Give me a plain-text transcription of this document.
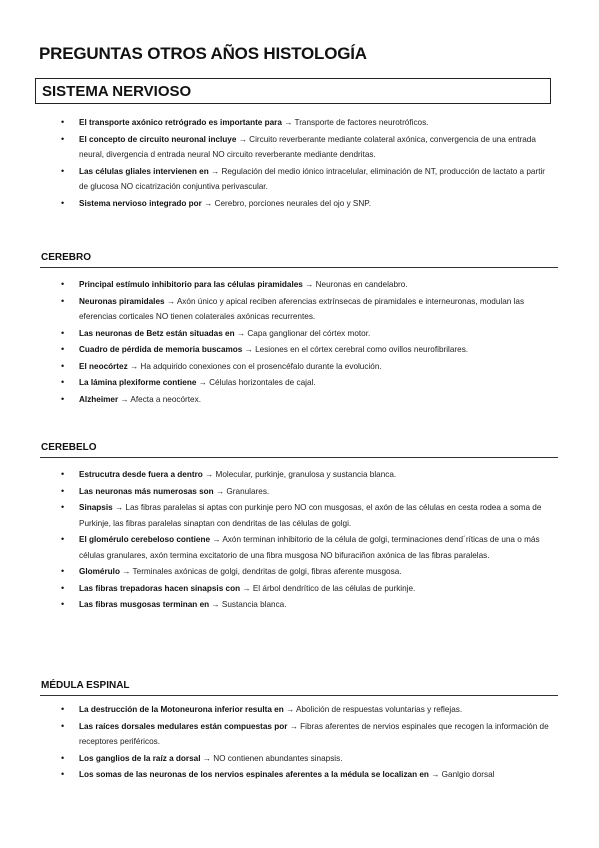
PREGUNTAS OTROS AÑOS HISTOLOGÍA
SISTEMA NERVIOSO
• El transporte axónico retrógrado es importante para → Transporte de factores neurotróficos.
• El concepto de circuito neuronal incluye → Circuito reverberante mediante colateral axónica, convergencia de una entrada neural, divergencia d entrada neural NO circuito reverberante mediante dendritas.
• Las células gliales intervienen en → Regulación del medio iónico intracelular, eliminación de NT, producción de lactato a partir de glucosa NO cicatrización conjuntiva perivascular.
• Sistema nervioso integrado por → Cerebro, porciones neurales del ojo y SNP.
CEREBRO
• Principal estímulo inhibitorio para las células piramidales → Neuronas en candelabro.
• Neuronas piramidales → Axón único y apical reciben aferencias extrínsecas de piramidales e interneuronas, modulan las eferencias corticales NO tienen colaterales axónicas recurrentes.
• Las neuronas de Betz están situadas en → Capa ganglionar del córtex motor.
• Cuadro de pérdida de memoria buscamos → Lesiones en el córtex cerebral como ovillos neurofibrilares.
• El neocórtez → Ha adquirido conexiones con el prosencéfalo durante la evolución.
• La lámina plexiforme contiene → Células horizontales de cajal.
• Alzheimer → Afecta a neocórtex.
CEREBELO
• Estrucutra desde fuera a dentro → Molecular, purkinje, granulosa y sustancia blanca.
• Las neuronas más numerosas son → Granulares.
• Sinapsis → Las fibras paralelas si aptas con purkinje pero NO con musgosas, el axón de las células en cesta rodea a soma de Purkinje, las fibras paralelas sinaptan con dendritas de las células de golgi.
• El glomérulo cerebeloso contiene → Axón terminan inhibitorio de la célula de golgi, terminaciones dend´ríticas de una o más células granulares, axón termina excitatorio de una fibra musgosa NO bifuraciñon axónica de las fibras paralelas.
• Glomérulo → Terminales axónicas de golgi, dendritas de golgi, fibras aferente musgosa.
• Las fibras trepadoras hacen sinapsis con → El árbol dendrítico de las células de purkinje.
• Las fibras musgosas terminan en → Sustancia blanca.
MÉDULA ESPINAL
• La destrucción de la Motoneurona inferior resulta en → Abolición de respuestas voluntarias y reflejas.
• Las raíces dorsales medulares están compuestas por → Fibras aferentes de nervios espinales que recogen la información de receptores periféricos.
• Los ganglios de la raíz a dorsal → NO contienen abundantes sinapsis.
• Los somas de las neuronas de los nervios espinales aferentes a la médula se localizan en → Ganlgio dorsal
